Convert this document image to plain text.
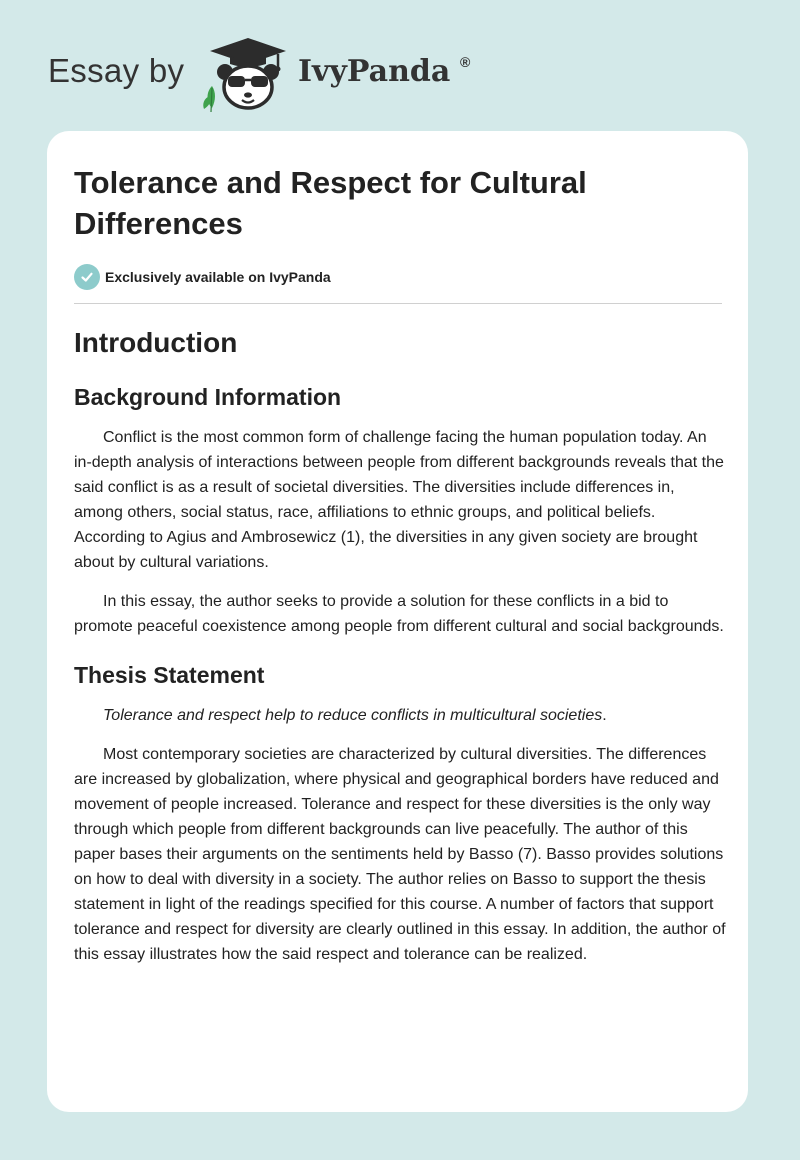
Essay by	IvyPanda ®
Tolerance and Respect for Cultural Differences
Exclusively available on IvyPanda
Introduction
Background Information

Conflict is the most common form of challenge facing the human population today. An in-depth analysis of interactions between people from different backgrounds reveals that the said conflict is as a result of societal diversities. The diversities include differences in, among others, social status, race, affiliations to ethnic groups, and political beliefs. According to Agius and Ambrosewicz (1), the diversities in any given society are brought about by cultural variations.

In this essay, the author seeks to provide a solution for these conflicts in a bid to promote peaceful coexistence among people from different cultural and social backgrounds.

Thesis Statement

Tolerance and respect help to reduce conflicts in multicultural societies.

Most contemporary societies are characterized by cultural diversities. The differences are increased by globalization, where physical and geographical borders have reduced and movement of people increased. Tolerance and respect for these diversities is the only way through which people from different backgrounds can live peacefully. The author of this paper bases their arguments on the sentiments held by Basso (7). Basso provides solutions on how to deal with diversity in a society. The author relies on Basso to support the thesis statement in light of the readings specified for this course. A number of factors that support tolerance and respect for diversity are clearly outlined in this essay. In addition, the author of this essay illustrates how the said respect and tolerance can be realized.
